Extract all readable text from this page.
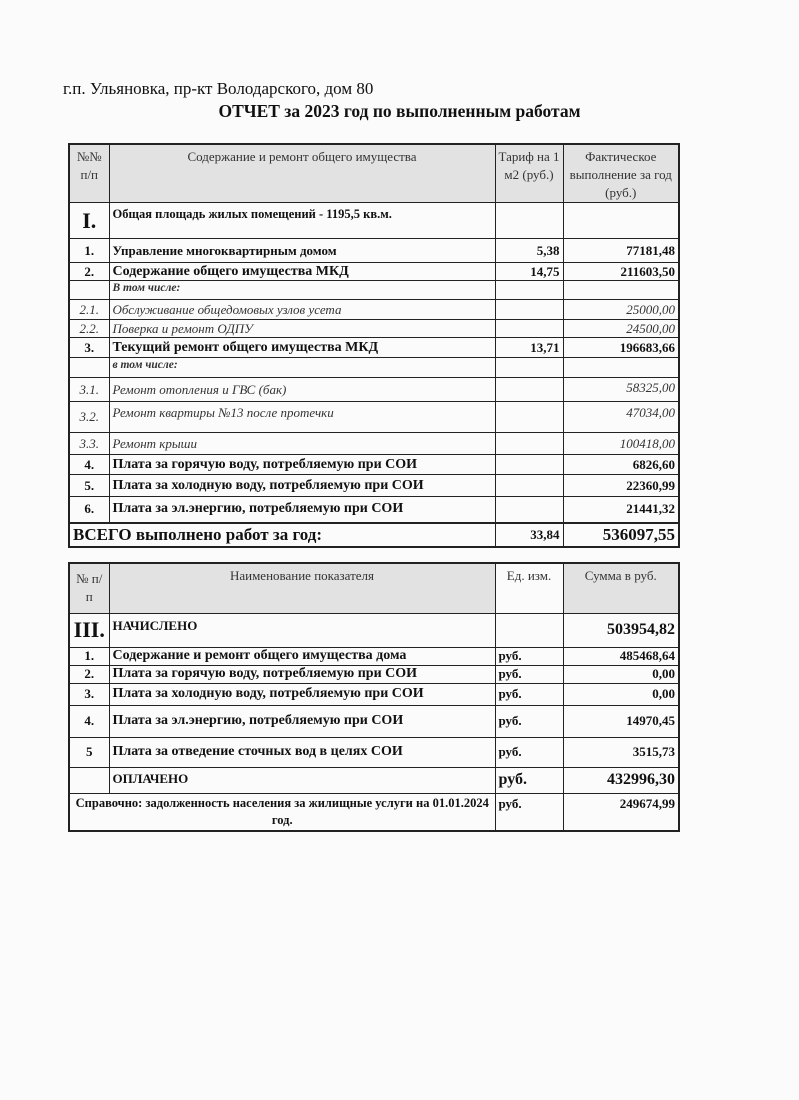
г.п. Ульяновка, пр-кт Володарского, дом 80
ОТЧЕТ за 2023 год по выполненным работам
№№ п/п	Содержание и ремонт общего имущества	Тариф на 1 м2 (руб.)	Фактическое выполнение за год (руб.)
I.	Общая площадь жилых помещений - 1195,5 кв.м.		
1.	Управление многоквартирным домом	5,38	77181,48
2.	Содержание общего имущества МКД	14,75	211603,50
	В том числе:		
2.1.	Обслуживание общедомовых узлов усета		25000,00
2.2.	Поверка и ремонт ОДПУ		24500,00
3.	Текущий ремонт общего имущества МКД	13,71	196683,66
	в том числе:		
3.1.	Ремонт отопления и ГВС (бак)		58325,00
3.2.	Ремонт квартиры №13 после протечки		47034,00
3.3.	Ремонт крыши		100418,00
4.	Плата за горячую воду, потребляемую при СОИ		6826,60
5.	Плата за холодную воду, потребляемую при СОИ		22360,99
6.	Плата за эл.энергию, потребляемую при СОИ		21441,32
ВСЕГО выполнено работ за год:		33,84	536097,55
№ п/п	Наименование показателя	Ед. изм.	Сумма в руб.
III.	НАЧИСЛЕНО		503954,82
1.	Содержание и ремонт общего имущества дома	руб.	485468,64
2.	Плата за горячую воду, потребляемую при СОИ	руб.	0,00
3.	Плата за холодную воду, потребляемую при СОИ	руб.	0,00
4.	Плата за эл.энергию, потребляемую при СОИ	руб.	14970,45
5	Плата за отведение сточных вод в целях СОИ	руб.	3515,73
	ОПЛАЧЕНО	руб.	432996,30
Справочно: задолженность населения за жилищные услуги на 01.01.2024 год.		руб.	249674,99
